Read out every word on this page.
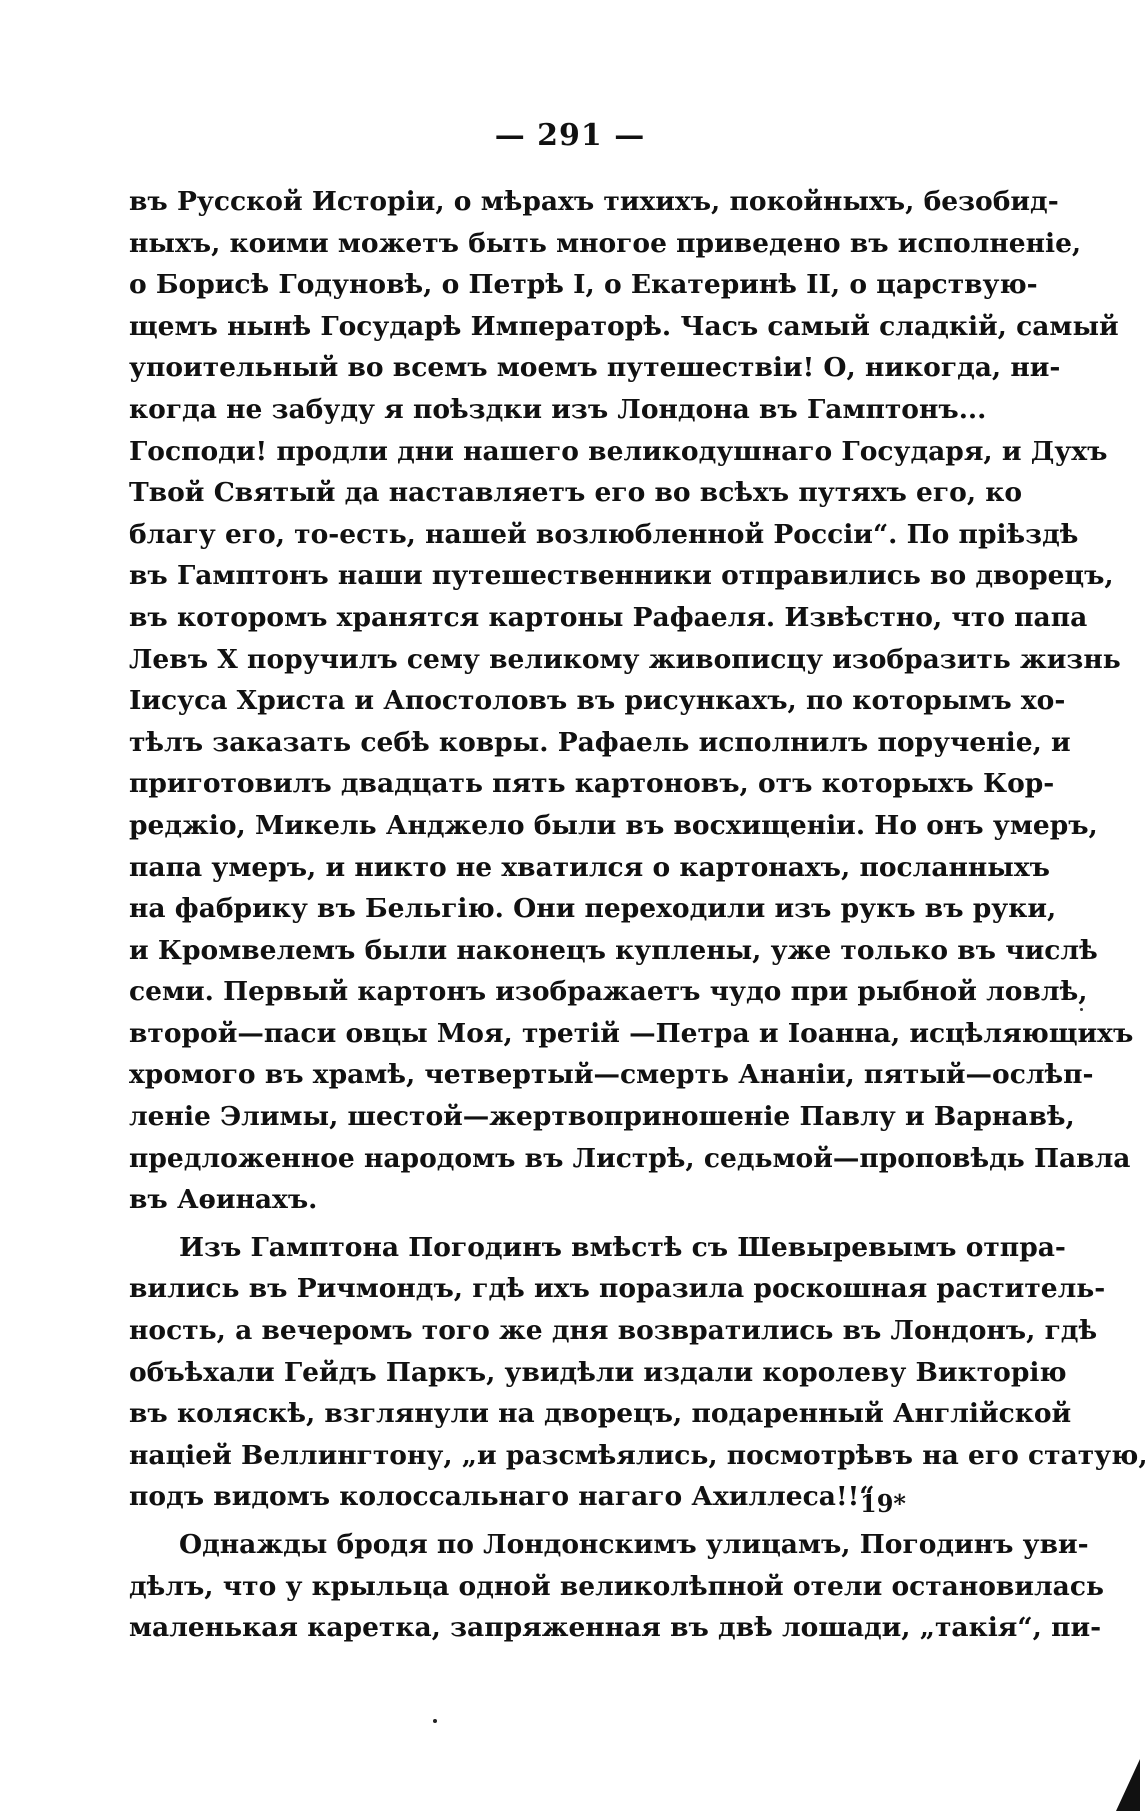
— 291 —
въ Русской Исторіи, о мѣрахъ тихихъ, покойныхъ, безобид-
ныхъ, коими можетъ быть многое приведено въ исполненіе,
о Борисѣ Годуновѣ, о Петрѣ I, о Екатеринѣ II, о царствую-
щемъ нынѣ Государѣ Императорѣ. Часъ самый сладкій, самый
упоительный во всемъ моемъ путешествіи! О, никогда, ни-
когда не забуду я поѣздки изъ Лондона въ Гамптонъ...
Господи! продли дни нашего великодушнаго Государя, и Духъ
Твой Святый да наставляетъ его во всѣхъ путяхъ его, ко
благу его, то-есть, нашей возлюбленной Россіи“. По пріѣздѣ
въ Гамптонъ наши путешественники отправились во дворецъ,
въ которомъ хранятся картоны Рафаеля. Извѣстно, что папа
Левъ X поручилъ сему великому живописцу изобразить жизнь
Іисуса Христа и Апостоловъ въ рисункахъ, по которымъ хо-
тѣлъ заказать себѣ ковры. Рафаель исполнилъ порученіе, и
приготовилъ двадцать пять картоновъ, отъ которыхъ Кор-
реджіо, Микель Анджело были въ восхищеніи. Но онъ умеръ,
папа умеръ, и никто не хватился о картонахъ, посланныхъ
на фабрику въ Бельгію. Они переходили изъ рукъ въ руки,
и Кромвелемъ были наконецъ куплены, уже только въ числѣ
семи. Первый картонъ изображаетъ чудо при рыбной ловлѣ,
второй—паси овцы Моя, третій —Петра и Іоанна, исцѣляющихъ
хромого въ храмѣ, четвертый—смерть Ананіи, пятый—ослѣп-
леніе Элимы, шестой—жертвоприношеніе Павлу и Варнавѣ,
предложенное народомъ въ Листрѣ, седьмой—проповѣдь Павла
въ Аѳинахъ.
Изъ Гамптона Погодинъ вмѣстѣ съ Шевыревымъ отпра-
вились въ Ричмондъ, гдѣ ихъ поразила роскошная раститель-
ность, а вечеромъ того же дня возвратились въ Лондонъ, гдѣ
объѣхали Гейдъ Паркъ, увидѣли издали королеву Викторію
въ коляскѣ, взглянули на дворецъ, подаренный Англійской
націей Веллингтону, „и разсмѣялись, посмотрѣвъ на его статую,
подъ видомъ колоссальнаго нагаго Ахиллеса!!“
Однажды бродя по Лондонскимъ улицамъ, Погодинъ уви-
дѣлъ, что у крыльца одной великолѣпной отели остановилась
маленькая каретка, запряженная въ двѣ лошади, „такія“, пи-
19*
